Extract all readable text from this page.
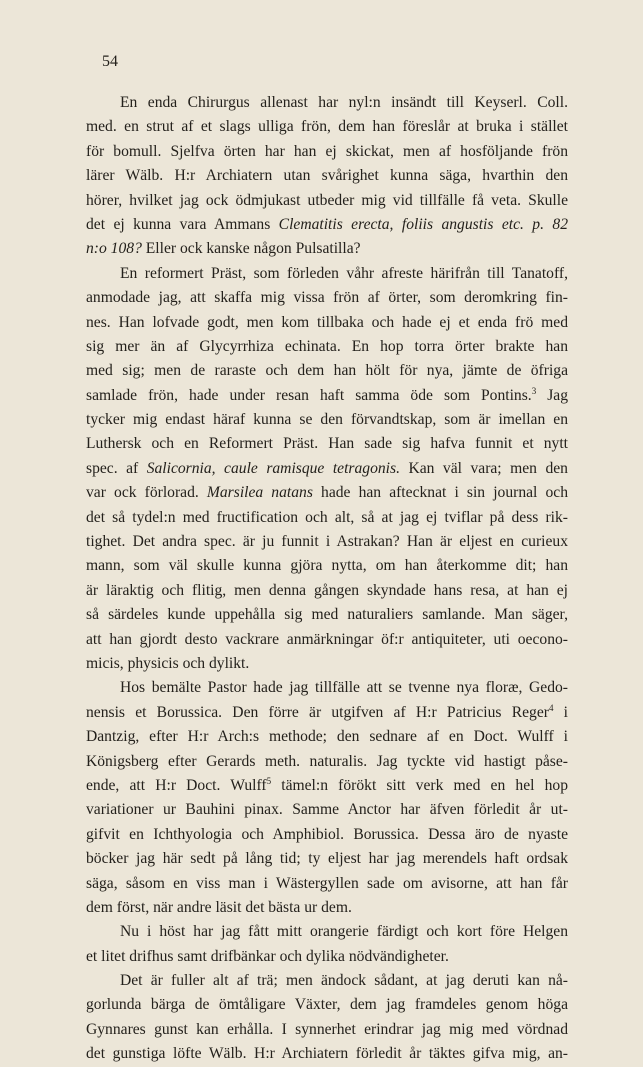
54
En enda Chirurgus allenast har nyl:n insändt till Keyserl. Coll.
med. en strut af et slags ulliga frön, dem han föreslår at bruka i stället
för bomull. Sjelfva örten har han ej skickat, men af hosföljande frön
lärer Wälb. H:r Archiatern utan svårighet kunna säga, hvarthin den
hörer, hvilket jag ock ödmjukast utbeder mig vid tillfälle få veta. Skulle
det ej kunna vara Ammans Clematitis erecta, foliis angustis etc. p. 82
n:o 108? Eller ock kanske någon Pulsatilla?
En reformert Präst, som förleden våhr afreste härifrån till Tanatoff,
anmodade jag, att skaffa mig vissa frön af örter, som deromkring fin-
nes. Han lofvade godt, men kom tillbaka och hade ej et enda frö med
sig mer än af Glycyrrhiza echinata. En hop torra örter brakte han
med sig; men de raraste och dem han hölt för nya, jämte de öfriga
samlade frön, hade under resan haft samma öde som Pontins.$^3$ Jag
tycker mig endast häraf kunna se den förvandtskap, som är imellan en
Luthersk och en Reformert Präst. Han sade sig hafva funnit et nytt
spec. af Salicornia, caule ramisque tetragonis. Kan väl vara; men den
var ock förlorad. Marsilea natans hade han aftecknat i sin journal och
det så tydel:n med fructification och alt, så at jag ej tviflar på dess rik-
tighet. Det andra spec. är ju funnit i Astrakan? Han är eljest en curieux
mann, som väl skulle kunna gjöra nytta, om han återkomme dit; han
är läraktig och flitig, men denna gången skyndade hans resa, at han ej
så särdeles kunde uppehålla sig med naturaliers samlande. Man säger,
att han gjordt desto vackrare anmärkningar öf:r antiquiteter, uti oecono-
micis, physicis och dylikt.
Hos bemälte Pastor hade jag tillfälle att se tvenne nya floræ, Gedo-
nensis et Borussica. Den förre är utgifven af H:r Patricius Reger$^4$ i
Dantzig, efter H:r Arch:s methode; den sednare af en Doct. Wulff i
Königsberg efter Gerards meth. naturalis. Jag tyckte vid hastigt påse-
ende, att H:r Doct. Wulff$^5$ tämel:n förökt sitt verk med en hel hop
variationer ur Bauhini pinax. Samme Anctor har äfven förledit år ut-
gifvit en Ichthyologia och Amphibiol. Borussica. Dessa äro de nyaste
böcker jag här sedt på lång tid; ty eljest har jag merendels haft ordsak
säga, såsom en viss man i Wästergyllen sade om avisorne, att han får
dem först, när andre läsit det bästa ur dem.
Nu i höst har jag fått mitt orangerie färdigt och kort före Helgen
et litet drifhus samt drifbänkar och dylika nödvändigheter.
Det är fuller alt af trä; men ändock sådant, at jag deruti kan nå-
gorlunda bärga de ömtåligare Växter, dem jag framdeles genom höga
Gynnares gunst kan erhålla. I synnerhet erindrar jag mig med vördnad
det gunstiga löfte Wälb. H:r Archiatern förledit år täktes gifva mig, an-
